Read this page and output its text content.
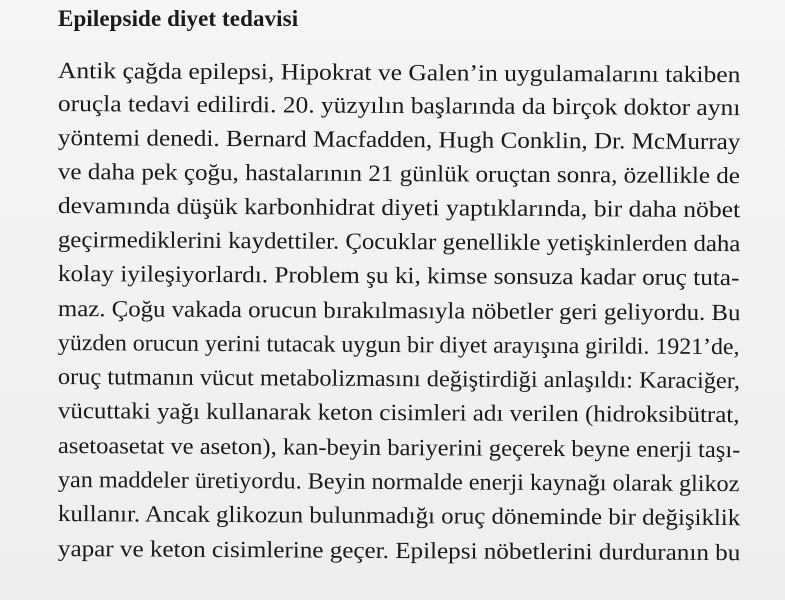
Epilepside diyet tedavisi
Antik çağda epilepsi, Hipokrat ve Galen’in uygulamalarını takiben
oruçla tedavi edilirdi. 20. yüzyılın başlarında da birçok doktor aynı
yöntemi denedi. Bernard Macfadden, Hugh Conklin, Dr. McMurray
ve daha pek çoğu, hastalarının 21 günlük oruçtan sonra, özellikle de
devamında düşük karbonhidrat diyeti yaptıklarında, bir daha nöbet
geçirmediklerini kaydettiler. Çocuklar genellikle yetişkinlerden daha
kolay iyileşiyorlardı. Problem şu ki, kimse sonsuza kadar oruç tuta-
maz. Çoğu vakada orucun bırakılmasıyla nöbetler geri geliyordu. Bu
yüzden orucun yerini tutacak uygun bir diyet arayışına girildi. 1921’de,
oruç tutmanın vücut metabolizmasını değiştirdiği anlaşıldı: Karaciğer,
vücuttaki yağı kullanarak keton cisimleri adı verilen (hidroksibütrat,
asetoasetat ve aseton), kan-beyin bariyerini geçerek beyne enerji taşı-
yan maddeler üretiyordu. Beyin normalde enerji kaynağı olarak glikoz
kullanır. Ancak glikozun bulunmadığı oruç döneminde bir değişiklik
yapar ve keton cisimlerine geçer. Epilepsi nöbetlerini durduranın bu
